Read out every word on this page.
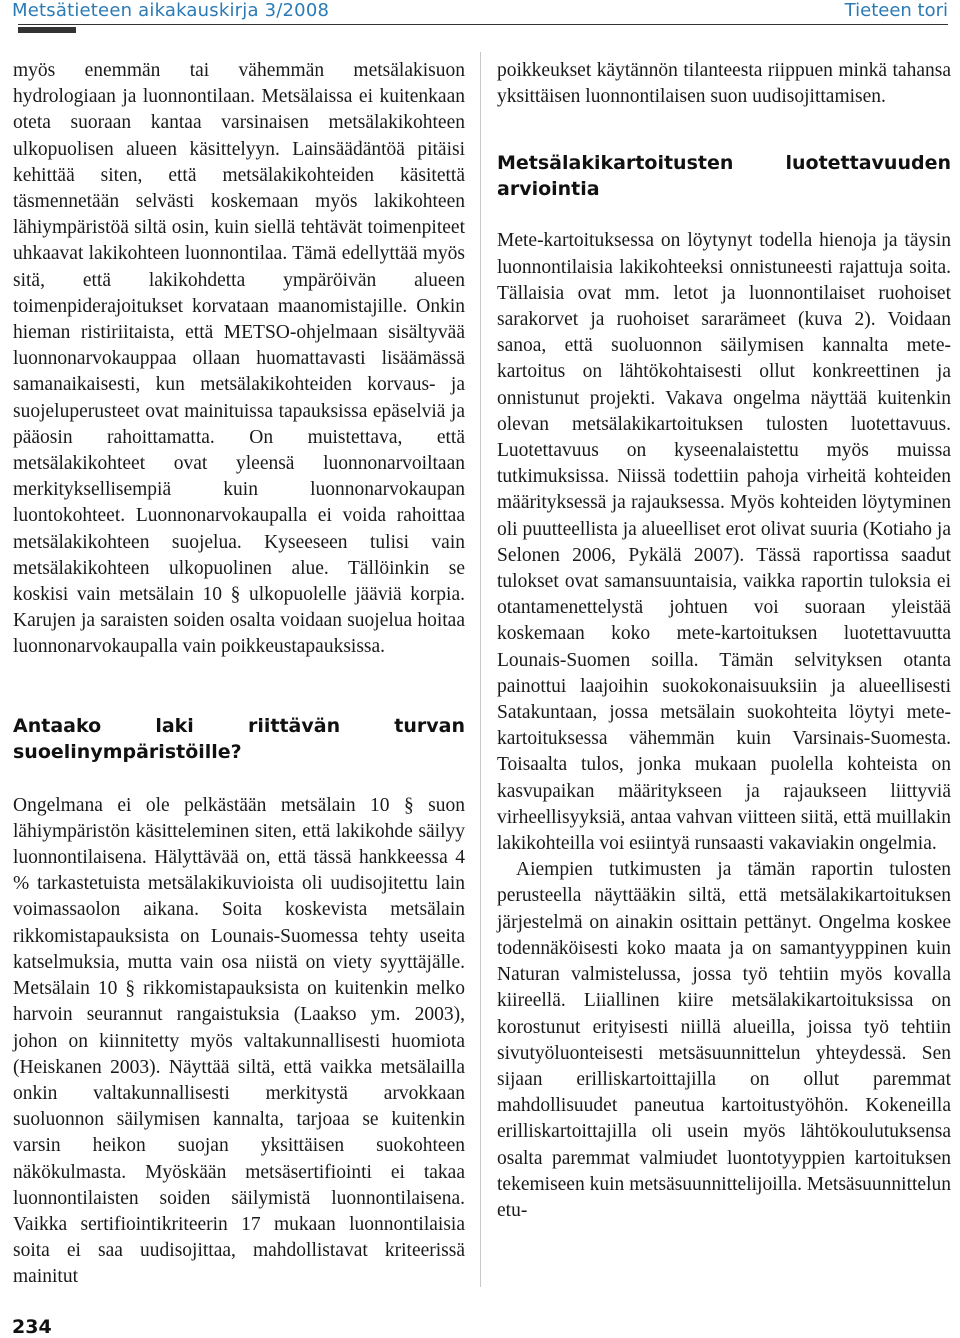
Metsätieteen aikakauskirja 3/2008	Tieteen tori

myös enemmän tai vähemmän metsälakisuon hydrologiaan ja luonnontilaan. Metsälaissa ei kuitenkaan oteta suoraan kantaa varsinaisen metsälakikohteen ulkopuolisen alueen käsittelyyn. Lainsäädäntöä pitäisi kehittää siten, että metsälakikohteiden käsitettä täsmennetään selvästi koskemaan myös lakikohteen lähiympäristöä siltä osin, kuin siellä tehtävät toimenpiteet uhkaavat lakikohteen luonnontilaa. Tämä edellyttää myös sitä, että lakikohdetta ympäröivän alueen toimenpiderajoitukset korvataan maanomistajille. Onkin hieman ristiriitaista, että METSO-ohjelmaan sisältyvää luonnonarvokauppaa ollaan huomattavasti lisäämässä samanaikaisesti, kun metsälakikohteiden korvaus- ja suojeluperusteet ovat mainituissa tapauksissa epäselviä ja pääosin rahoittamatta. On muistettava, että metsälakikohteet ovat yleensä luonnonarvoiltaan merkityksellisempiä kuin luonnonarvokaupan luontokohteet. Luonnonarvokaupalla ei voida rahoittaa metsälakikohteen suojelua. Kyseeseen tulisi vain metsälakikohteen ulkopuolinen alue. Tällöinkin se koskisi vain metsälain 10 § ulkopuolelle jääviä korpia. Karujen ja saraisten soiden osalta voidaan suojelua hoitaa luonnonarvokaupalla vain poikkeustapauksissa.

Antaako laki riittävän turvan suoelinympäristöille?

Ongelmana ei ole pelkästään metsälain 10 § suon lähiympäristön käsitteleminen siten, että lakikohde säilyy luonnontilaisena. Hälyttävää on, että tässä hankkeessa 4 % tarkastetuista metsälakikuvioista oli uudisojitettu lain voimassaolon aikana. Soita koskevista metsälain rikkomistapauksista on Lounais-Suomessa tehty useita katselmuksia, mutta vain osa niistä on viety syyttäjälle. Metsälain 10 § rikkomistapauksista on kuitenkin melko harvoin seurannut rangaistuksia (Laakso ym. 2003), johon on kiinnitetty myös valtakunnallisesti huomiota (Heiskanen 2003). Näyttää siltä, että vaikka metsälailla onkin valtakunnallisesti merkitystä arvokkaan suoluonnon säilymisen kannalta, tarjoaa se kuitenkin varsin heikon suojan yksittäisen suokohteen näkökulmasta. Myöskään metsäsertifiointi ei takaa luonnontilaisten soiden säilymistä luonnontilaisena. Vaikka sertifiointikriteerin 17 mukaan luonnontilaisia soita ei saa uudisojittaa, mahdollistavat kriteerissä mainitut

poikkeukset käytännön tilanteesta riippuen minkä tahansa yksittäisen luonnontilaisen suon uudisojittamisen.

Metsälakikartoitusten luotettavuuden arviointia

Mete-kartoituksessa on löytynyt todella hienoja ja täysin luonnontilaisia lakikohteeksi onnistuneesti rajattuja soita. Tällaisia ovat mm. letot ja luonnontilaiset ruohoiset sarakorvet ja ruohoiset sararämeet (kuva 2). Voidaan sanoa, että suoluonnon säilymisen kannalta mete-kartoitus on lähtökohtaisesti ollut konkreettinen ja onnistunut projekti. Vakava ongelma näyttää kuitenkin olevan metsälakikartoituksen tulosten luotettavuus. Luotettavuus on kyseenalaistettu myös muissa tutkimuksissa. Niissä todettiin pahoja virheitä kohteiden määrityksessä ja rajauksessa. Myös kohteiden löytyminen oli puutteellista ja alueelliset erot olivat suuria (Kotiaho ja Selonen 2006, Pykälä 2007). Tässä raportissa saadut tulokset ovat samansuuntaisia, vaikka raportin tuloksia ei otantamenettelystä johtuen voi suoraan yleistää koskemaan koko mete-kartoituksen luotettavuutta Lounais-Suomen soilla. Tämän selvityksen otanta painottui laajoihin suokokonaisuuksiin ja alueellisesti Satakuntaan, jossa metsälain suokohteita löytyi mete-kartoituksessa vähemmän kuin Varsinais-Suomesta. Toisaalta tulos, jonka mukaan puolella kohteista on kasvupaikan määritykseen ja rajaukseen liittyviä virheellisyyksiä, antaa vahvan viitteen siitä, että muillakin lakikohteilla voi esiintyä runsaasti vakaviakin ongelmia.

Aiempien tutkimusten ja tämän raportin tulosten perusteella näyttääkin siltä, että metsälakikartoituksen järjestelmä on ainakin osittain pettänyt. Ongelma koskee todennäköisesti koko maata ja on samantyyppinen kuin Naturan valmistelussa, jossa työ tehtiin myös kovalla kiireellä. Liiallinen kiire metsälakikartoituksissa on korostunut erityisesti niillä alueilla, joissa työ tehtiin sivutyöluonteisesti metsäsuunnittelun yhteydessä. Sen sijaan erilliskartoittajilla on ollut paremmat mahdollisuudet paneutua kartoitustyöhön. Kokeneilla erilliskartoittajilla oli usein myös lähtökoulutuksensa osalta paremmat valmiudet luontotyyppien kartoituksen tekemiseen kuin metsäsuunnittelijoilla. Metsäsuunnittelun etu-

234
